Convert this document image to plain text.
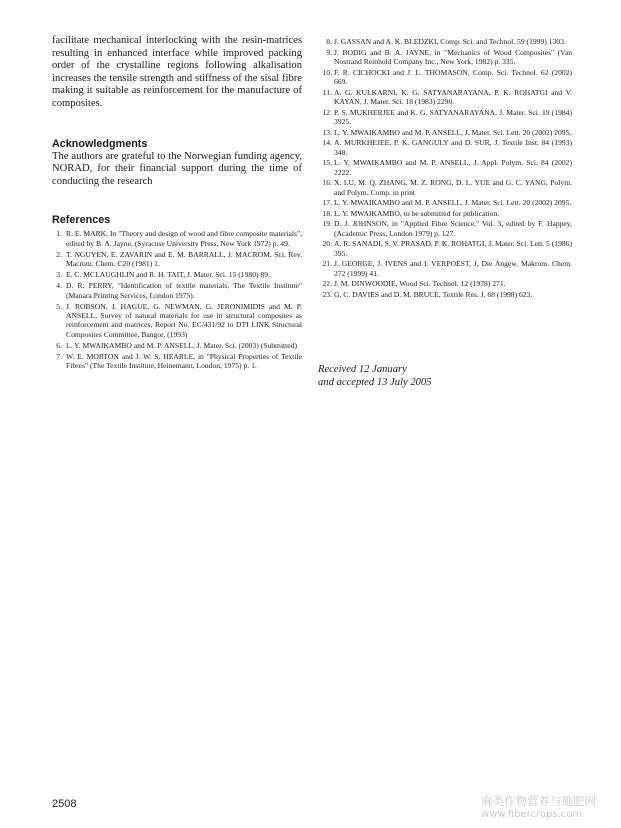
facilitate mechanical interlocking with the resin-matrices resulting in enhanced interface while improved packing order of the crystalline regions following alkalisation increases the tensile strength and stiffness of the sisal fibre making it suitable as reinforcement for the manufacture of composites.

Acknowledgments

The authors are grateful to the Norwegian funding agency, NORAD, for their financial support during the time of conducting the research

References
1. R. E. MARK, In "Theory and design of wood and fibre composite materials", edited by B. A. Jayne, (Syracuse University Press, New York 1972) p. 49.
2. T. NGUYEN, E. ZAVARIN and E. M. BARRALL, J. MACROM, Sci. Rev. Macrom. Chem. C20 (1981) 1.
3. E. C. MCLAUGHLIN and R. H. TAIT, J. Mater. Sci. 15 (1980) 89.
4. D. R. PERRY, "Identification of textile materials, The Textile Institute" (Manara Printing Services, London 1975).
5. J. ROBSON, J. HAGUE, G. NEWMAN, G. JERONIMIDIS and M. P. ANSELL, Survey of natural materials for use in structural composites as reinforcement and matrices, Report No. EC/431/92 to DTI LINK Structural Composites Committee, Bangor, (1993)
6. L. Y. MWAIKAMBO and M. P. ANSELL, J. Mater. Sci. (2003) (Submitted)
7. W. E. MORTON and J. W. S. HEARLE, in "Physical Properties of Textile Fibres" (The Textile Institute, Heinemann, London, 1975) p. 1.
8. J. GASSAN and A. K. BLEDZKI, Comp. Sci. and Technol. 59 (1999) 1303.
9. J. BODIG and B. A. JAYNE, in "Mechanics of Wood Composites" (Van Nostrand Reinhold Company Inc., New York, 1982) p. 335.
10. F. R. CICHOCKI and J. L. THOMASON, Comp. Sci. Technol. 62 (2002) 669.
11. A. G. KULKARNI, K. G. SATYANARAYANA, P. K. ROHATGI and V. KAYAN, J. Mater. Sci. 18 (1983) 2290.
12. P. S. MUKHERJEE and K. G. SATYANARAYANA, J. Mater. Sci. 19 (1984) 3925.
13. L. Y. MWAIKAMBO and M. P. ANSELL, J. Mater. Sci. Lett. 20 (2002) 2095.
14. A. MURKHEJEE, P. K. GANGULY and D. SUR, J. Textile Inst. 84 (1993) 348.
15. L. Y. MWAIKAMBO and M. P. ANSELL, J. Appl. Polym. Sci. 84 (2002) 2222.
16. X. LU, M. Q. ZHANG, M. Z. RONG, D. L. YUE and G. C. YANG, Polym. and Polym. Comp. in print
17. L. Y. MWAIKAMBO and M. P. ANSELL, J. Mater. Sci. Lett. 20 (2002) 2095.
18. L. Y. MWAIKAMBO, to be submitted for publication.
19. D. J. JOHNSON, in "Applied Fibre Science," Vol. 3, edited by F. Happey, (Academic Press, London 1979) p. 127.
20. A. R. SANADI, S. V. PRASAD, P. K. ROHATGI, J. Mater. Sci. Lett. 5 (1986) 395.
21. J. GEORGE, J. IVENS and I. VERPOEST, J, Die Angew. Makrom. Chem. 272 (1999) 41.
22. J. M. DINWOODIE, Wood Sci. Technol. 12 (1978) 271.
23. G. C. DAVIES and D. M. BRUCE, Textile Res. J. 68 (1998) 623.
Received 12 January
and accepted 13 July 2005
2508	麻类作物营养与施肥网
www.fibercrops.com
